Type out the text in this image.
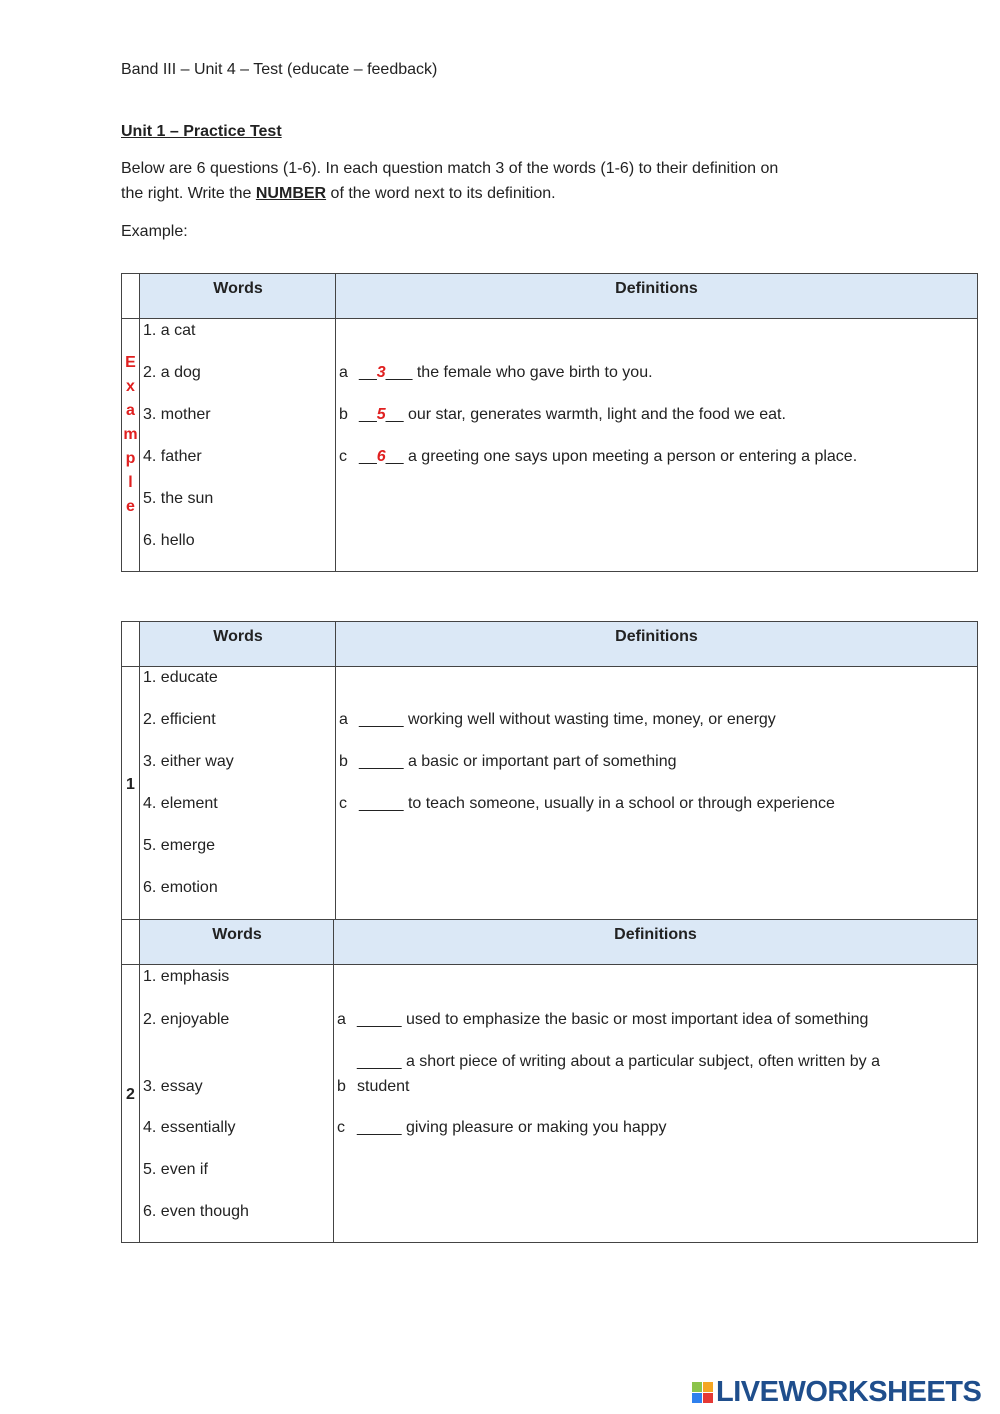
Band III – Unit 4 – Test (educate – feedback)
Unit 1 – Practice Test
Below are 6 questions (1-6). In each question match 3 of the words (1-6) to their definition on
the right. Write the NUMBER of the word next to its definition.
Example:
Words	Definitions
E
x
a
m
p
l
e
1. a cat
2. a dog
3. mother
4. father
5. the sun
6. hello
a __3___ the female who gave birth to you.
b __5__ our star, generates warmth, light and the food we eat.
c __6__ a greeting one says upon meeting a person or entering a place.
Words	Definitions
1
1. educate
2. efficient
3. either way
4. element
5. emerge
6. emotion
a _____ working well without wasting time, money, or energy
b _____ a basic or important part of something
c _____ to teach someone, usually in a school or through experience
Words	Definitions
2
1. emphasis
2. enjoyable
3. essay
4. essentially
5. even if
6. even though
a _____ used to emphasize the basic or most important idea of something
b
_____ a short piece of writing about a particular subject, often written by a
student
c _____ giving pleasure or making you happy
LIVEWORKSHEETS
